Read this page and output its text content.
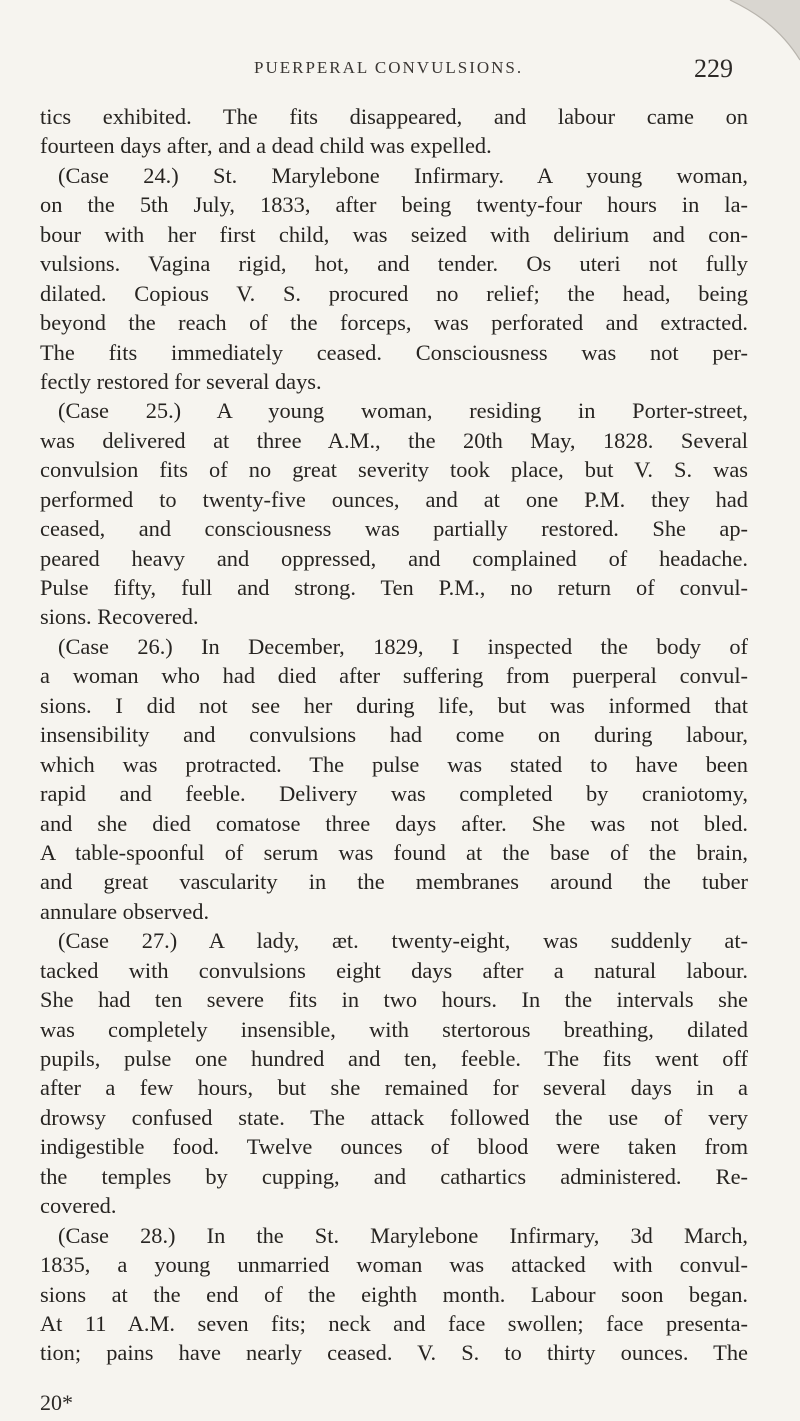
PUERPERAL CONVULSIONS.	229
tics exhibited. The fits disappeared, and labour came on
fourteen days after, and a dead child was expelled.
(Case 24.) St. Marylebone Infirmary. A young woman,
on the 5th July, 1833, after being twenty-four hours in la-
bour with her first child, was seized with delirium and con-
vulsions. Vagina rigid, hot, and tender. Os uteri not fully
dilated. Copious V. S. procured no relief; the head, being
beyond the reach of the forceps, was perforated and extracted.
The fits immediately ceased. Consciousness was not per-
fectly restored for several days.
(Case 25.) A young woman, residing in Porter-street,
was delivered at three A.M., the 20th May, 1828. Several
convulsion fits of no great severity took place, but V. S. was
performed to twenty-five ounces, and at one P.M. they had
ceased, and consciousness was partially restored. She ap-
peared heavy and oppressed, and complained of headache.
Pulse fifty, full and strong. Ten P.M., no return of convul-
sions. Recovered.
(Case 26.) In December, 1829, I inspected the body of
a woman who had died after suffering from puerperal convul-
sions. I did not see her during life, but was informed that
insensibility and convulsions had come on during labour,
which was protracted. The pulse was stated to have been
rapid and feeble. Delivery was completed by craniotomy,
and she died comatose three days after. She was not bled.
A table-spoonful of serum was found at the base of the brain,
and great vascularity in the membranes around the tuber
annulare observed.
(Case 27.) A lady, æt. twenty-eight, was suddenly at-
tacked with convulsions eight days after a natural labour.
She had ten severe fits in two hours. In the intervals she
was completely insensible, with stertorous breathing, dilated
pupils, pulse one hundred and ten, feeble. The fits went off
after a few hours, but she remained for several days in a
drowsy confused state. The attack followed the use of very
indigestible food. Twelve ounces of blood were taken from
the temples by cupping, and cathartics administered. Re-
covered.
(Case 28.) In the St. Marylebone Infirmary, 3d March,
1835, a young unmarried woman was attacked with convul-
sions at the end of the eighth month. Labour soon began.
At 11 A.M. seven fits; neck and face swollen; face presenta-
tion; pains have nearly ceased. V. S. to thirty ounces. The
20*
